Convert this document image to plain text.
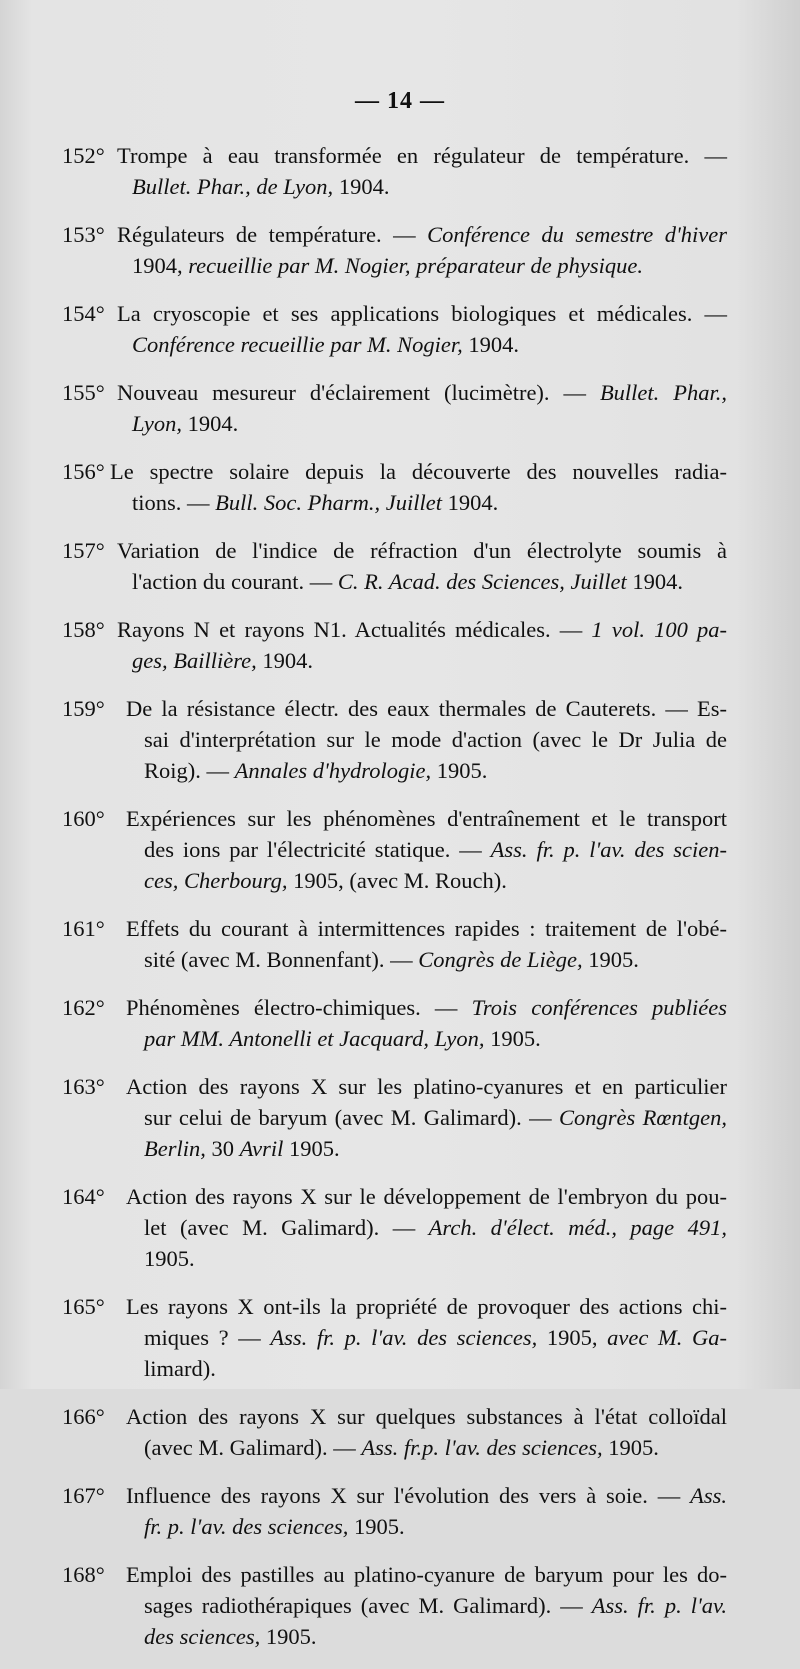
— 14 —
152° Trompe à eau transformée en régulateur de température. —
Bullet. Phar., de Lyon, 1904.
153° Régulateurs de température. — Conférence du semestre d'hiver
1904, recueillie par M. Nogier, préparateur de physique.
154° La cryoscopie et ses applications biologiques et médicales. —
Conférence recueillie par M. Nogier, 1904.
155° Nouveau mesureur d'éclairement (lucimètre). — Bullet. Phar.,
Lyon, 1904.
156° Le spectre solaire depuis la découverte des nouvelles radia-
tions. — Bull. Soc. Pharm., Juillet 1904.
157° Variation de l'indice de réfraction d'un électrolyte soumis à
l'action du courant. — C. R. Acad. des Sciences, Juillet 1904.
158° Rayons N et rayons N1. Actualités médicales. — 1 vol. 100 pa-
ges, Baillière, 1904.
159° De la résistance électr. des eaux thermales de Cauterets. — Es-
sai d'interprétation sur le mode d'action (avec le Dr Julia de
Roig). — Annales d'hydrologie, 1905.
160° Expériences sur les phénomènes d'entraînement et le transport
des ions par l'électricité statique. — Ass. fr. p. l'av. des scien-
ces, Cherbourg, 1905, (avec M. Rouch).
161° Effets du courant à intermittences rapides : traitement de l'obé-
sité (avec M. Bonnenfant). — Congrès de Liège, 1905.
162° Phénomènes électro-chimiques. — Trois conférences publiées
par MM. Antonelli et Jacquard, Lyon, 1905.
163° Action des rayons X sur les platino-cyanures et en particulier
sur celui de baryum (avec M. Galimard). — Congrès Rœntgen,
Berlin, 30 Avril 1905.
164° Action des rayons X sur le développement de l'embryon du pou-
let (avec M. Galimard). — Arch. d'élect. méd., page 491,
1905.
165° Les rayons X ont-ils la propriété de provoquer des actions chi-
miques ? — Ass. fr. p. l'av. des sciences, 1905, avec M. Ga-
limard).
166° Action des rayons X sur quelques substances à l'état colloïdal
(avec M. Galimard). — Ass. fr.p. l'av. des sciences, 1905.
167° Influence des rayons X sur l'évolution des vers à soie. — Ass.
fr. p. l'av. des sciences, 1905.
168° Emploi des pastilles au platino-cyanure de baryum pour les do-
sages radiothérapiques (avec M. Galimard). — Ass. fr. p. l'av.
des sciences, 1905.
